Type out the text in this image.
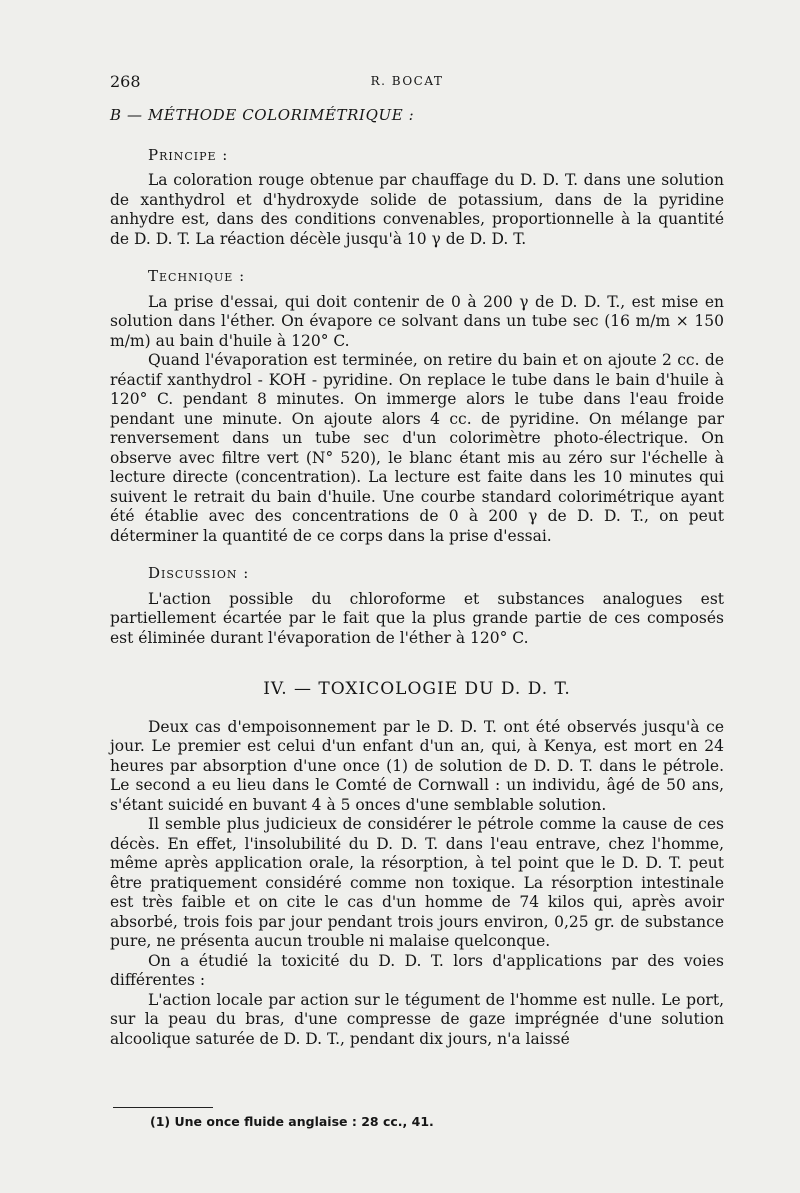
268	R. BOCAT
B — MÉTHODE COLORIMÉTRIQUE :
Principe :

La coloration rouge obtenue par chauffage du D. D. T. dans une solution de xanthydrol et d'hydroxyde solide de potassium, dans de la pyridine anhydre est, dans des conditions convenables, proportionnelle à la quantité de D. D. T. La réaction décèle jusqu'à 10 γ de D. D. T.

Technique :

La prise d'essai, qui doit contenir de 0 à 200 γ de D. D. T., est mise en solution dans l'éther. On évapore ce solvant dans un tube sec (16 m/m × 150 m/m) au bain d'huile à 120° C.

Quand l'évaporation est terminée, on retire du bain et on ajoute 2 cc. de réactif xanthydrol - KOH - pyridine. On replace le tube dans le bain d'huile à 120° C. pendant 8 minutes. On immerge alors le tube dans l'eau froide pendant une minute. On ajoute alors 4 cc. de pyridine. On mélange par renversement dans un tube sec d'un colorimètre photo-électrique. On observe avec filtre vert (N° 520), le blanc étant mis au zéro sur l'échelle à lecture directe (concentration). La lecture est faite dans les 10 minutes qui suivent le retrait du bain d'huile. Une courbe standard colorimétrique ayant été établie avec des concentrations de 0 à 200 γ de D. D. T., on peut déterminer la quantité de ce corps dans la prise d'essai.

Discussion :

L'action possible du chloroforme et substances analogues est partiellement écartée par le fait que la plus grande partie de ces composés est éliminée durant l'évaporation de l'éther à 120° C.

IV. — TOXICOLOGIE DU D. D. T.

Deux cas d'empoisonnement par le D. D. T. ont été observés jusqu'à ce jour. Le premier est celui d'un enfant d'un an, qui, à Kenya, est mort en 24 heures par absorption d'une once (1) de solution de D. D. T. dans le pétrole. Le second a eu lieu dans le Comté de Cornwall : un individu, âgé de 50 ans, s'étant suicidé en buvant 4 à 5 onces d'une semblable solution.

Il semble plus judicieux de considérer le pétrole comme la cause de ces décès. En effet, l'insolubilité du D. D. T. dans l'eau entrave, chez l'homme, même après application orale, la résorption, à tel point que le D. D. T. peut être pratiquement considéré comme non toxique. La résorption intestinale est très faible et on cite le cas d'un homme de 74 kilos qui, après avoir absorbé, trois fois par jour pendant trois jours environ, 0,25 gr. de substance pure, ne présenta aucun trouble ni malaise quelconque.

On a étudié la toxicité du D. D. T. lors d'applications par des voies différentes :

L'action locale par action sur le tégument de l'homme est nulle. Le port, sur la peau du bras, d'une compresse de gaze imprégnée d'une solution alcoolique saturée de D. D. T., pendant dix jours, n'a laissé

(1) Une once fluide anglaise : 28 cc., 41.
